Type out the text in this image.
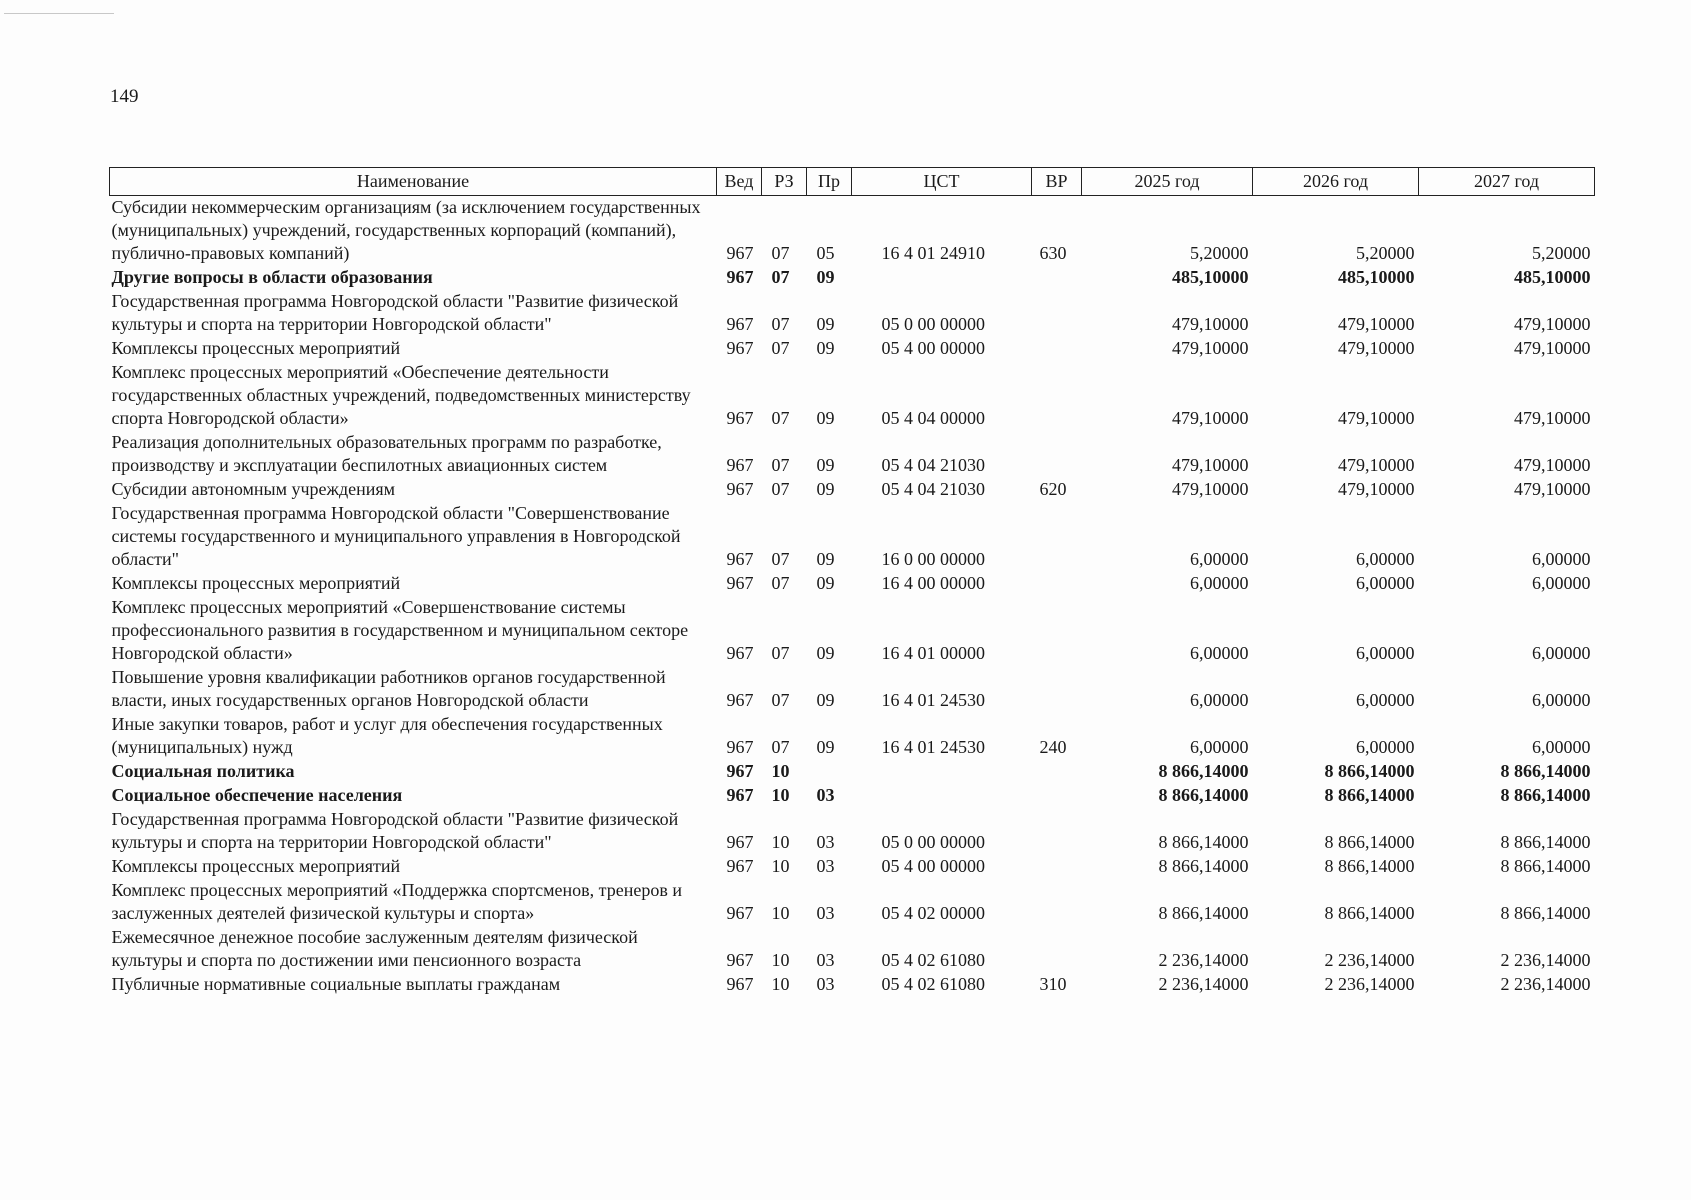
149
Наименование	Вед	РЗ	Пр	ЦСТ	ВР	2025 год	2026 год	2027 год
Субсидии некоммерческим организациям (за исключением государственных (муниципальных) учреждений, государственных корпораций (компаний), публично-правовых компаний)	967	07	05	16 4 01 24910	630	5,20000	5,20000	5,20000
Другие вопросы в области образования	967	07	09			485,10000	485,10000	485,10000
Государственная программа Новгородской области "Развитие физической культуры и спорта на территории Новгородской области"	967	07	09	05 0 00 00000		479,10000	479,10000	479,10000
Комплексы процессных мероприятий	967	07	09	05 4 00 00000		479,10000	479,10000	479,10000
Комплекс процессных мероприятий «Обеспечение деятельности государственных областных учреждений, подведомственных министерству спорта Новгородской области»	967	07	09	05 4 04 00000		479,10000	479,10000	479,10000
Реализация дополнительных образовательных программ по разработке, производству и эксплуатации беспилотных авиационных систем	967	07	09	05 4 04 21030		479,10000	479,10000	479,10000
Субсидии автономным учреждениям	967	07	09	05 4 04 21030	620	479,10000	479,10000	479,10000
Государственная программа Новгородской области "Совершенствование системы государственного и муниципального управления в Новгородской области"	967	07	09	16 0 00 00000		6,00000	6,00000	6,00000
Комплексы процессных мероприятий	967	07	09	16 4 00 00000		6,00000	6,00000	6,00000
Комплекс процессных мероприятий «Совершенствование системы профессионального развития в государственном и муниципальном секторе Новгородской области»	967	07	09	16 4 01 00000		6,00000	6,00000	6,00000
Повышение уровня квалификации работников органов государственной власти, иных государственных органов Новгородской области	967	07	09	16 4 01 24530		6,00000	6,00000	6,00000
Иные закупки товаров, работ и услуг для обеспечения государственных (муниципальных) нужд	967	07	09	16 4 01 24530	240	6,00000	6,00000	6,00000
Социальная политика	967	10				8 866,14000	8 866,14000	8 866,14000
Социальное обеспечение населения	967	10	03			8 866,14000	8 866,14000	8 866,14000
Государственная программа Новгородской области "Развитие физической культуры и спорта на территории Новгородской области"	967	10	03	05 0 00 00000		8 866,14000	8 866,14000	8 866,14000
Комплексы процессных мероприятий	967	10	03	05 4 00 00000		8 866,14000	8 866,14000	8 866,14000
Комплекс процессных мероприятий «Поддержка спортсменов, тренеров и заслуженных деятелей физической культуры и спорта»	967	10	03	05 4 02 00000		8 866,14000	8 866,14000	8 866,14000
Ежемесячное денежное пособие заслуженным деятелям физической культуры и спорта по достижении ими пенсионного возраста	967	10	03	05 4 02 61080		2 236,14000	2 236,14000	2 236,14000
Публичные нормативные социальные выплаты гражданам	967	10	03	05 4 02 61080	310	2 236,14000	2 236,14000	2 236,14000
